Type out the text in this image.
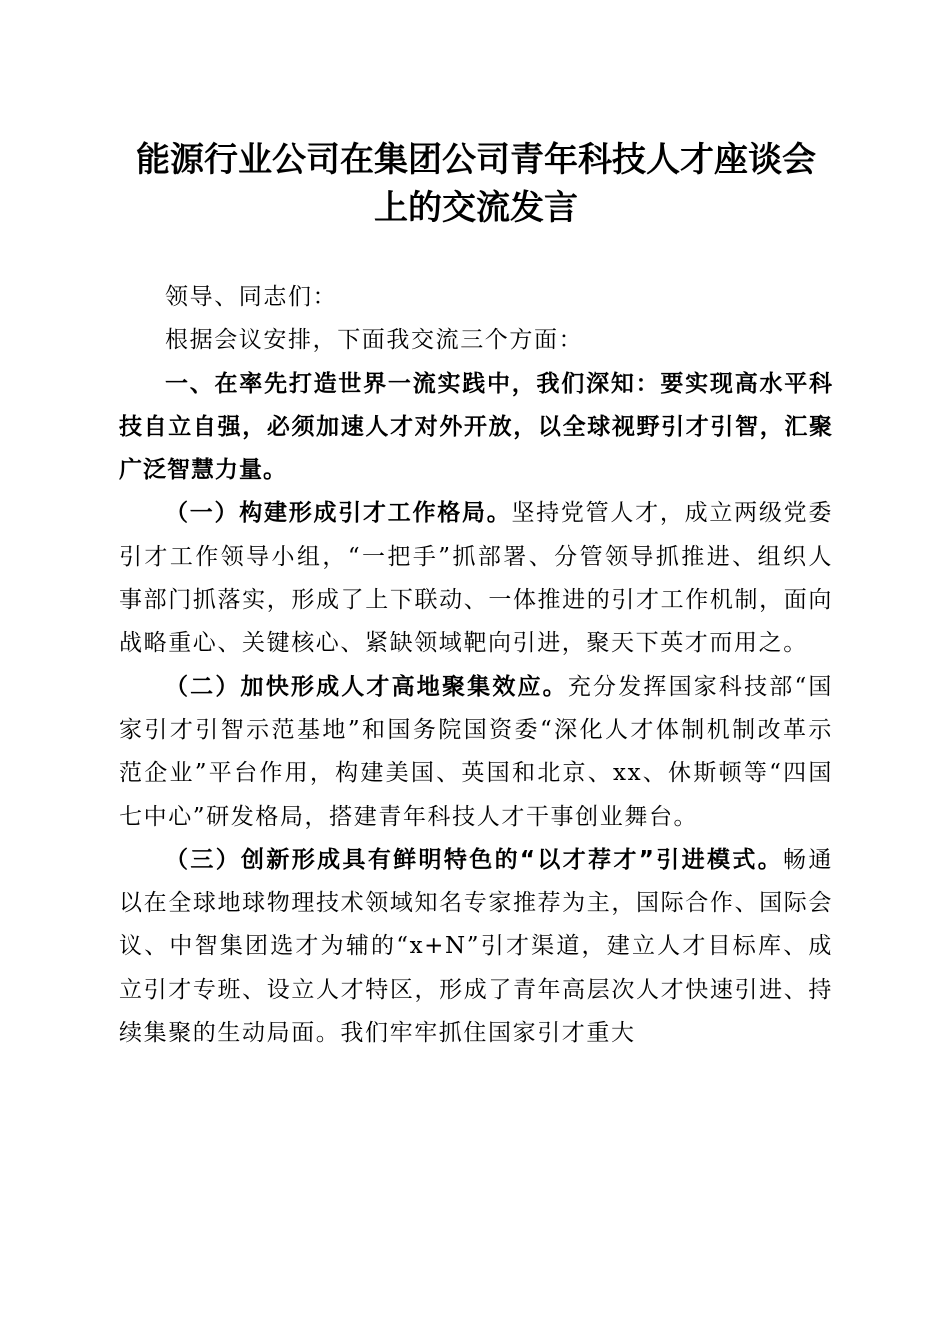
能源行业公司在集团公司青年科技人才座谈会
上的交流发言

领导、同志们：

根据会议安排，下面我交流三个方面：

一、在率先打造世界一流实践中，我们深知：要实现高水平科技自立自强，必须加速人才对外开放，以全球视野引才引智，汇聚广泛智慧力量。

（一）构建形成引才工作格局。坚持党管人才，成立两级党委引才工作领导小组，“一把手”抓部署、分管领导抓推进、组织人事部门抓落实，形成了上下联动、一体推进的引才工作机制，面向战略重心、关键核心、紧缺领域靶向引进，聚天下英才而用之。

（二）加快形成人才高地聚集效应。充分发挥国家科技部“国家引才引智示范基地”和国务院国资委“深化人才体制机制改革示范企业”平台作用，构建美国、英国和北京、xx、休斯顿等“四国七中心”研发格局，搭建青年科技人才干事创业舞台。

（三）创新形成具有鲜明特色的“以才荐才”引进模式。畅通以在全球地球物理技术领域知名专家推荐为主，国际合作、国际会议、中智集团选才为辅的“x+N”引才渠道，建立人才目标库、成立引才专班、设立人才特区，形成了青年高层次人才快速引进、持续集聚的生动局面。我们牢牢抓住国家引才重大
